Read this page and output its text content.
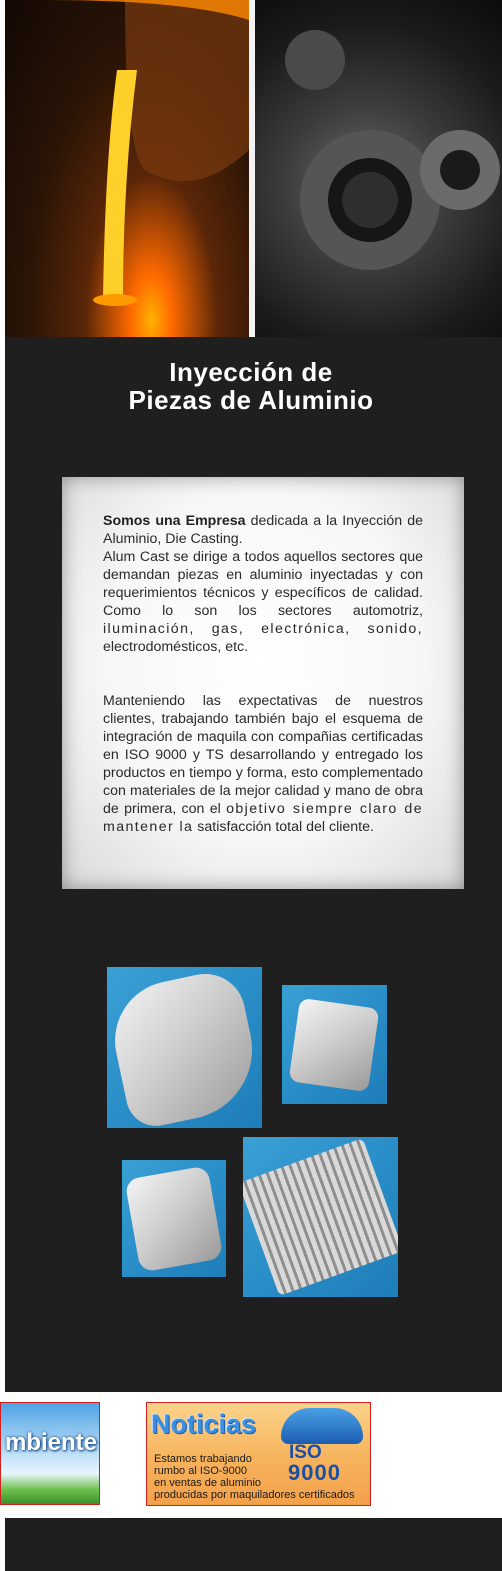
Inyección de
Piezas de Aluminio
Somos una Empresa dedicada a la Inyección de Aluminio, Die Casting.
Alum Cast se dirige a todos aquellos sectores que demandan piezas en aluminio inyectadas y con requerimientos técnicos y específicos de calidad. Como lo son los sectores automotriz, iluminación, gas, electrónica, sonido, electrodomésticos, etc.
Manteniendo las expectativas de nuestros clientes, trabajando también bajo el esquema de integración de maquila con compañias certificadas en ISO 9000 y TS desarrollando y entregado los productos en tiempo y forma, esto complementado con materiales de la mejor calidad y mano de obra de primera, con el objetivo siempre claro de mantener la satisfacción total del cliente.
mbiente
Noticias
ISO
9000
Estamos trabajando
rumbo al ISO-9000
en ventas de aluminio
producidas por maquiladores certificados
